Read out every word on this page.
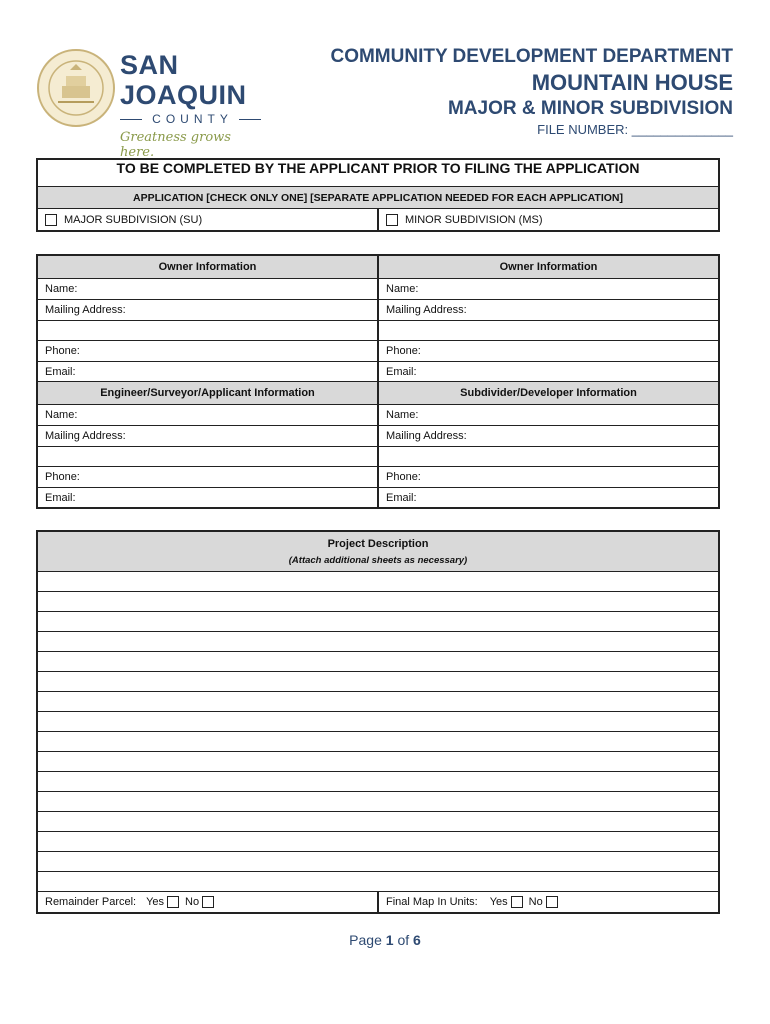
SAN JOAQUIN
COUNTY
Greatness grows here.
COMMUNITY DEVELOPMENT DEPARTMENT
MOUNTAIN HOUSE
MAJOR & MINOR SUBDIVISION
FILE NUMBER: ______________
TO BE COMPLETED BY THE APPLICANT PRIOR TO FILING THE APPLICATION
APPLICATION [CHECK ONLY ONE] [SEPARATE APPLICATION NEEDED FOR EACH APPLICATION]
MAJOR SUBDIVISION (SU)	MINOR SUBDIVISION (MS)
Owner Information	Owner Information
Name:	Name:
Mailing Address:	Mailing Address:
Phone:	Phone:
Email:	Email:
Engineer/Surveyor/Applicant Information	Subdivider/Developer Information
Name:	Name:
Mailing Address:	Mailing Address:
Phone:	Phone:
Email:	Email:
Project Description
(Attach additional sheets as necessary)
Remainder Parcel: Yes No	Final Map In Units: Yes No
Page 1 of 6
